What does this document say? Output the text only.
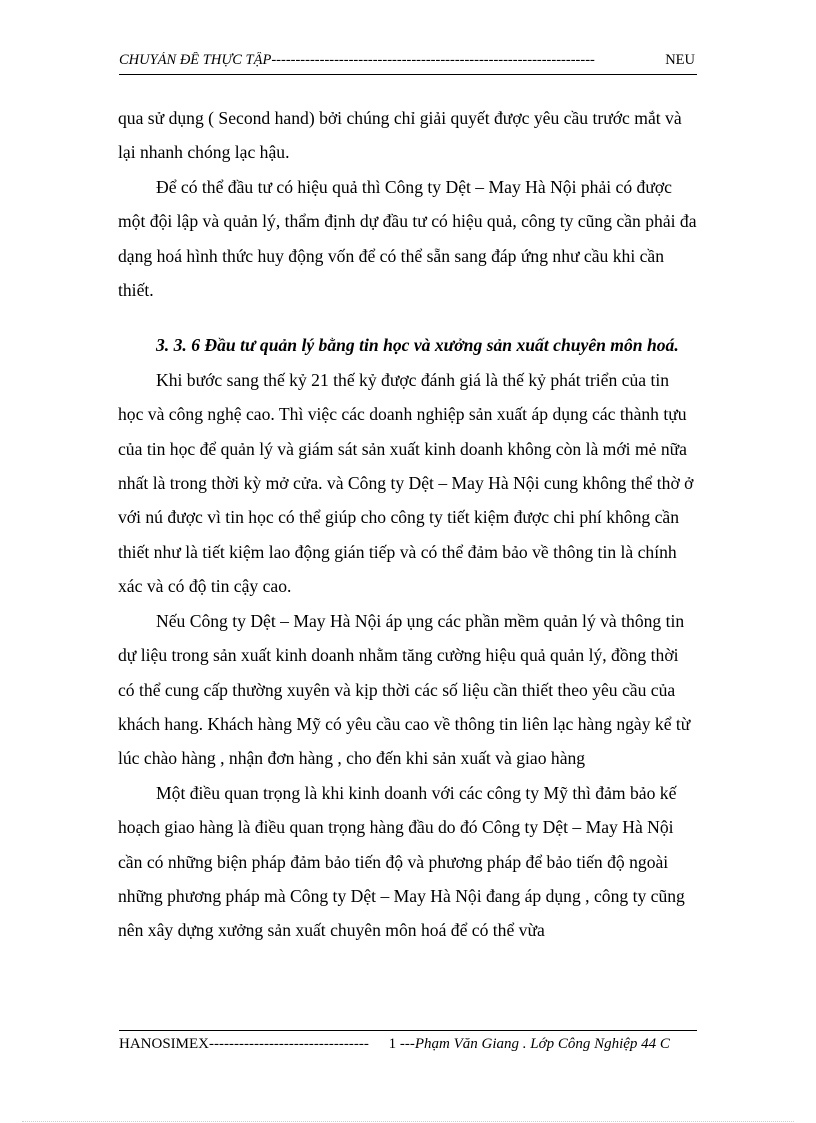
CHUYÁN ĐỀ THỰC TẬP-------------------------------------------------------------------	NEU

qua sử dụng ( Second hand) bởi chúng chỉ giải quyết được yêu cầu trước mắt và lại nhanh chóng lạc hậu.

Để có thể đầu tư có hiệu quả thì Công ty Dệt – May Hà Nội phải có được một đội lập và quản lý, thẩm định dự đầu tư có hiệu quả, công ty cũng cần phải đa dạng hoá hình thức huy động vốn để có thể sẵn sang đáp ứng như cầu khi cần thiết.

3. 3. 6 Đầu tư quản lý bằng tin học và xưởng sản xuất chuyên môn hoá.

Khi bước sang thế kỷ 21 thế kỷ được đánh giá là thế kỷ phát triển của tin học và công nghệ cao. Thì việc các doanh nghiệp sản xuất áp dụng các thành tựu của tin học để quản lý và giám sát sản xuất kinh doanh không còn là mới mẻ nữa nhất là trong thời kỳ mở cửa. và Công ty Dệt – May Hà Nội cung không thể thờ ở với nú được vì tin học có thể giúp cho công ty tiết kiệm được chi phí không cần thiết như là tiết kiệm lao động gián tiếp và có thể đảm bảo về thông tin là chính xác và có độ tin cậy cao.

Nếu Công ty Dệt – May Hà Nội áp ụng các phần mềm quản lý và thông tin dự liệu trong sản xuất kinh doanh nhằm tăng cường hiệu quả quản lý, đồng thời có thể cung cấp thường xuyên và kịp thời các số liệu cần thiết theo yêu cầu của khách hang. Khách hàng Mỹ có yêu cầu cao về thông tin liên lạc hàng ngày kể từ lúc chào hàng , nhận đơn hàng , cho đến khi sản xuất và giao hàng

Một điều quan trọng là khi kinh doanh với các công ty Mỹ thì đảm bảo kế hoạch giao hàng là điều quan trọng hàng đầu do đó Công ty Dệt – May Hà Nội cần có những biện pháp đảm bảo tiến độ và phương pháp để bảo tiến độ ngoài những phương pháp mà Công ty Dệt – May Hà Nội đang áp dụng , công ty cũng nên xây dựng xưởng sản xuất chuyên môn hoá để có thể vừa

HANOSIMEX-------------------------------- 1 ---Phạm Văn Giang . Lớp Công Nghiệp 44 C
